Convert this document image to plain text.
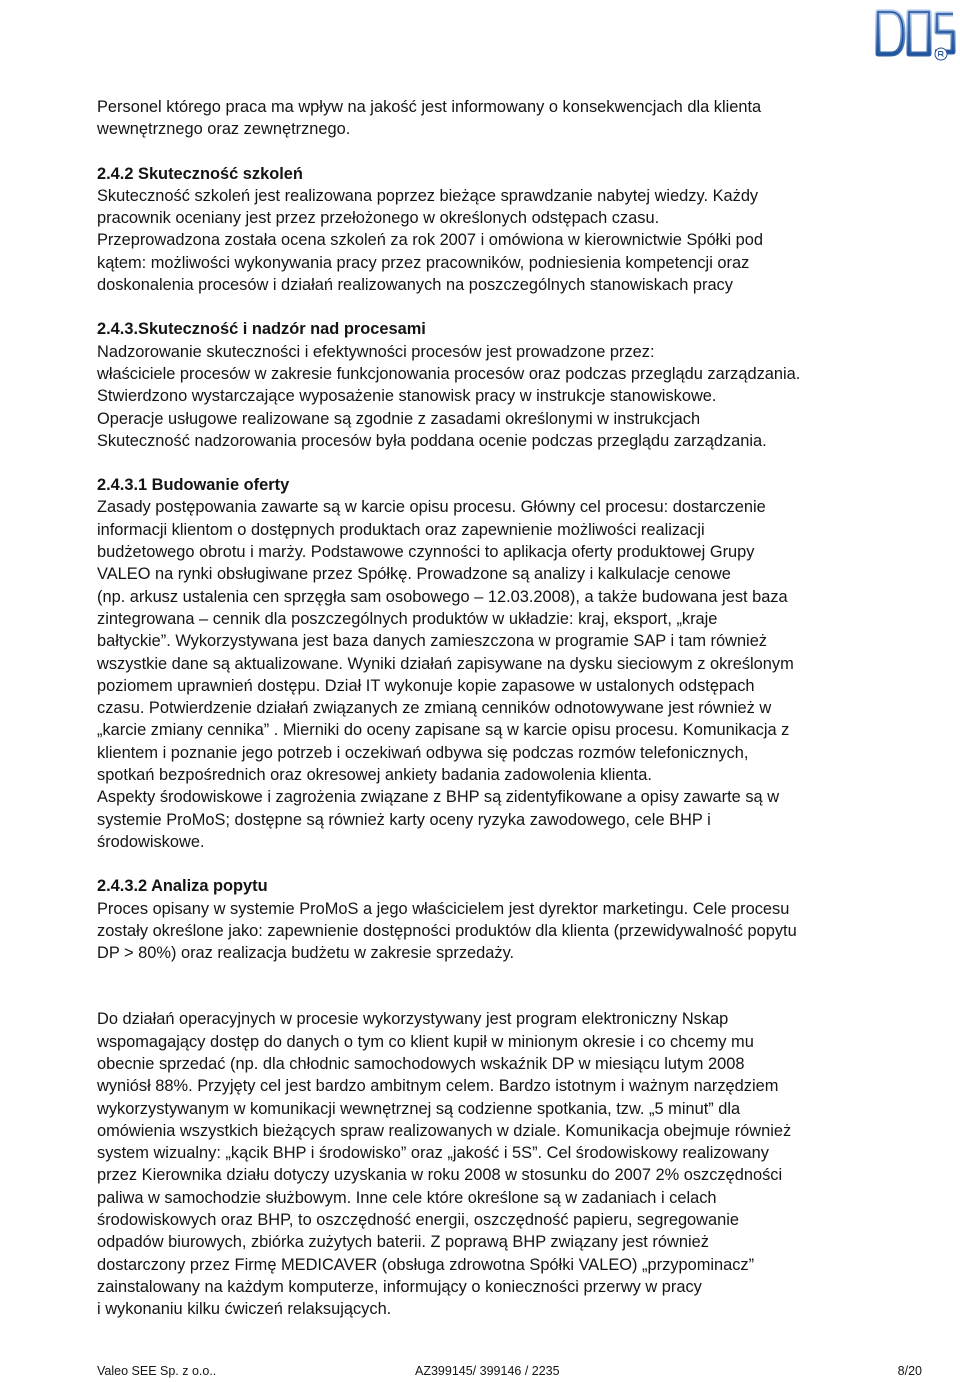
Personel którego praca ma wpływ na jakość jest informowany o konsekwencjach dla klienta
wewnętrznego oraz zewnętrznego.

2.4.2 Skuteczność szkoleń

Skuteczność szkoleń jest realizowana poprzez bieżące sprawdzanie nabytej wiedzy. Każdy
pracownik oceniany jest przez przełożonego w określonych odstępach czasu.
Przeprowadzona została ocena szkoleń za rok 2007 i omówiona w kierownictwie Spółki pod
kątem: możliwości wykonywania pracy przez pracowników, podniesienia kompetencji oraz
doskonalenia procesów i działań realizowanych na poszczególnych stanowiskach pracy

2.4.3.Skuteczność i nadzór nad procesami

Nadzorowanie skuteczności i efektywności procesów jest prowadzone przez:
właściciele procesów w zakresie funkcjonowania procesów oraz podczas przeglądu zarządzania.
Stwierdzono wystarczające wyposażenie stanowisk pracy w instrukcje stanowiskowe.
Operacje usługowe realizowane są zgodnie z zasadami określonymi w instrukcjach
Skuteczność nadzorowania procesów była poddana ocenie podczas przeglądu zarządzania.

2.4.3.1 Budowanie oferty

Zasady postępowania zawarte są w karcie opisu procesu. Główny cel procesu: dostarczenie
informacji klientom o dostępnych produktach oraz zapewnienie możliwości realizacji
budżetowego obrotu i marży. Podstawowe czynności to aplikacja oferty produktowej Grupy
VALEO na rynki obsługiwane przez Spółkę. Prowadzone są analizy i kalkulacje cenowe
(np. arkusz ustalenia cen sprzęgła sam osobowego – 12.03.2008), a także budowana jest baza
zintegrowana – cennik dla poszczególnych produktów w układzie: kraj, eksport, „kraje
bałtyckie”. Wykorzystywana jest baza danych zamieszczona w programie SAP i tam również
wszystkie dane są aktualizowane. Wyniki działań zapisywane na dysku sieciowym z określonym
poziomem uprawnień dostępu. Dział IT wykonuje kopie zapasowe w ustalonych odstępach
czasu. Potwierdzenie działań związanych ze zmianą cenników odnotowywane jest również w
„karcie zmiany cennika” . Mierniki do oceny zapisane są w karcie opisu procesu. Komunikacja z
klientem i poznanie jego potrzeb i oczekiwań odbywa się podczas rozmów telefonicznych,
spotkań bezpośrednich oraz okresowej ankiety badania zadowolenia klienta.
Aspekty środowiskowe i zagrożenia związane z BHP są zidentyfikowane a opisy zawarte są w
systemie ProMoS; dostępne są również karty oceny ryzyka zawodowego, cele BHP i
środowiskowe.

2.4.3.2 Analiza popytu

Proces opisany w systemie ProMoS a jego właścicielem jest dyrektor marketingu. Cele procesu
zostały określone jako: zapewnienie dostępności produktów dla klienta (przewidywalność popytu
DP > 80%) oraz realizacja budżetu w zakresie sprzedaży.

Do działań operacyjnych w procesie wykorzystywany jest program elektroniczny Nskap
wspomagający dostęp do danych o tym co klient kupił w minionym okresie i co chcemy mu
obecnie sprzedać (np. dla chłodnic samochodowych wskaźnik DP w miesiącu lutym 2008
wyniósł 88%. Przyjęty cel jest bardzo ambitnym celem. Bardzo istotnym i ważnym narzędziem
wykorzystywanym w komunikacji wewnętrznej są codzienne spotkania, tzw. „5 minut” dla
omówienia wszystkich bieżących spraw realizowanych w dziale. Komunikacja obejmuje również
system wizualny: „kącik BHP i środowisko” oraz „jakość i 5S”. Cel środowiskowy realizowany
przez Kierownika działu dotyczy uzyskania w roku 2008 w stosunku do 2007 2% oszczędności
paliwa w samochodzie służbowym. Inne cele które określone są w zadaniach i celach
środowiskowych oraz BHP, to oszczędność energii, oszczędność papieru, segregowanie
odpadów biurowych, zbiórka zużytych baterii. Z poprawą BHP związany jest również
dostarczony przez Firmę MEDICAVER (obsługa zdrowotna Spółki VALEO) „przypominacz”
zainstalowany na każdym komputerze, informujący o konieczności przerwy w pracy
i wykonaniu kilku ćwiczeń relaksujących.

Valeo SEE Sp. z o.o..	AZ399145/ 399146 / 2235	8/20
